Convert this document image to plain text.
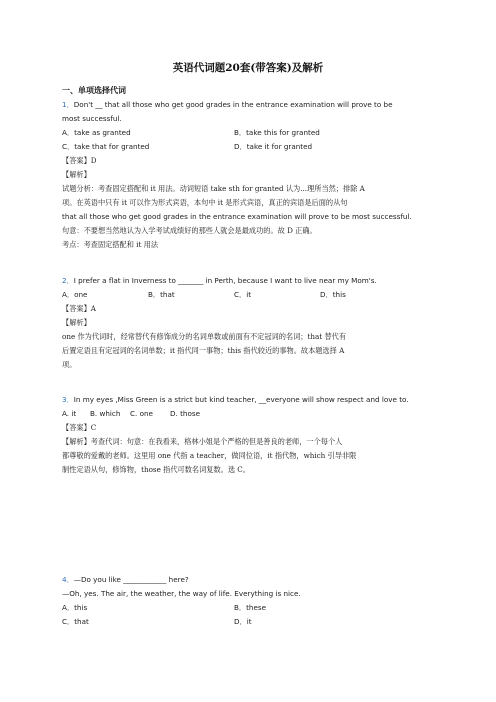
英语代词题20套(带答案)及解析
一、单项选择代词
1．Don't __ that all those who get good grades in the entrance examination will prove to be
most successful.
A．take as granted	B．take this for granted
C．take that for granted	D．take it for granted
【答案】D
【解析】
试题分析：考查固定搭配和 it 用法。动词短语 take sth for granted 认为...理所当然；排除 A
项。在英语中只有 it 可以作为形式宾语，本句中 it 是形式宾语，真正的宾语是后面的从句
that all those who get good grades in the entrance examination will prove to be most successful.
句意：不要想当然地认为入学考试成绩好的那些人就会是最成功的。故 D 正确。
考点：考查固定搭配和 it 用法
2．I prefer a flat in Inverness to _______ in Perth, because I want to live near my Mom's.
A．one	B．that	C．it	D．this
【答案】A
【解析】
one 作为代词时，经常替代有修饰成分的名词单数或前面有不定冠词的名词；that 替代有
后置定语且有定冠词的名词单数；it 指代同一事物；this 指代较近的事物。故本题选择 A
项。
3．In my eyes ,Miss Green is a strict but kind teacher, __everyone will show respect and love to.
A. it	B. which	C. one	D. those
【答案】C
【解析】考查代词：句意：在我看来，格林小姐是个严格的但是善良的老师，一个每个人
都尊敬的爱戴的老师。这里用 one 代指 a teacher，做同位语，it 指代物，which 引导非限
制性定语从句，修饰物，those 指代可数名词复数。选 C。
4．—Do you like ____________ here?
—Oh, yes. The air, the weather, the way of life. Everything is nice.
A．this	B．these
C．that	D．it
